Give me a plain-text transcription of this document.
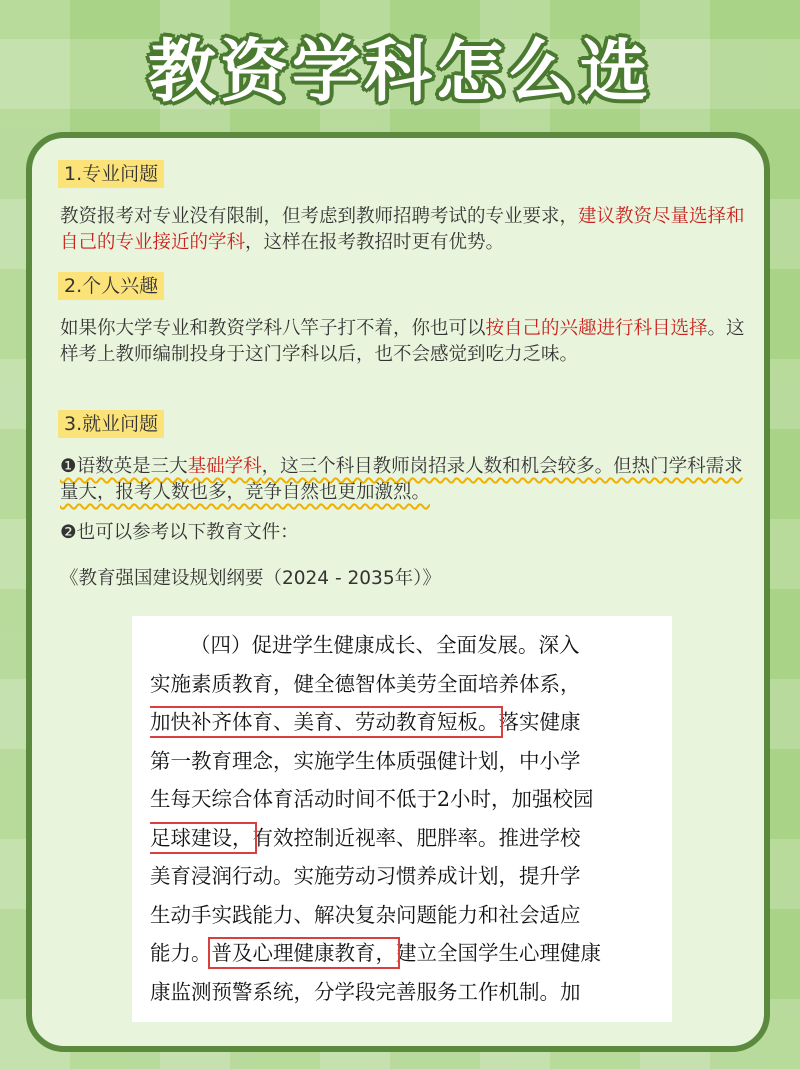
教资学科怎么选
1.专业问题
教资报考对专业没有限制，但考虑到教师招聘考试的专业要求，建议教资尽量选择和自己的专业接近的学科，这样在报考教招时更有优势。
2.个人兴趣
如果你大学专业和教资学科八竿子打不着，你也可以按自己的兴趣进行科目选择。这样考上教师编制投身于这门学科以后，也不会感觉到吃力乏味。
3.就业问题
❶语数英是三大基础学科，这三个科目教师岗招录人数和机会较多。但热门学科需求量大，报考人数也多，竞争自然也更加激烈。
❷也可以参考以下教育文件：
《教育强国建设规划纲要（2024 - 2035年）》
（四）促进学生健康成长、全面发展。深入
实施素质教育，健全德智体美劳全面培养体系，
加快补齐体育、美育、劳动教育短板。落实健康
第一教育理念，实施学生体质强健计划，中小学
生每天综合体育活动时间不低于2小时，加强校园
足球建设，有效控制近视率、肥胖率。推进学校
美育浸润行动。实施劳动习惯养成计划，提升学
生动手实践能力、解决复杂问题能力和社会适应
能力。普及心理健康教育，建立全国学生心理健康
康监测预警系统，分学段完善服务工作机制。加
